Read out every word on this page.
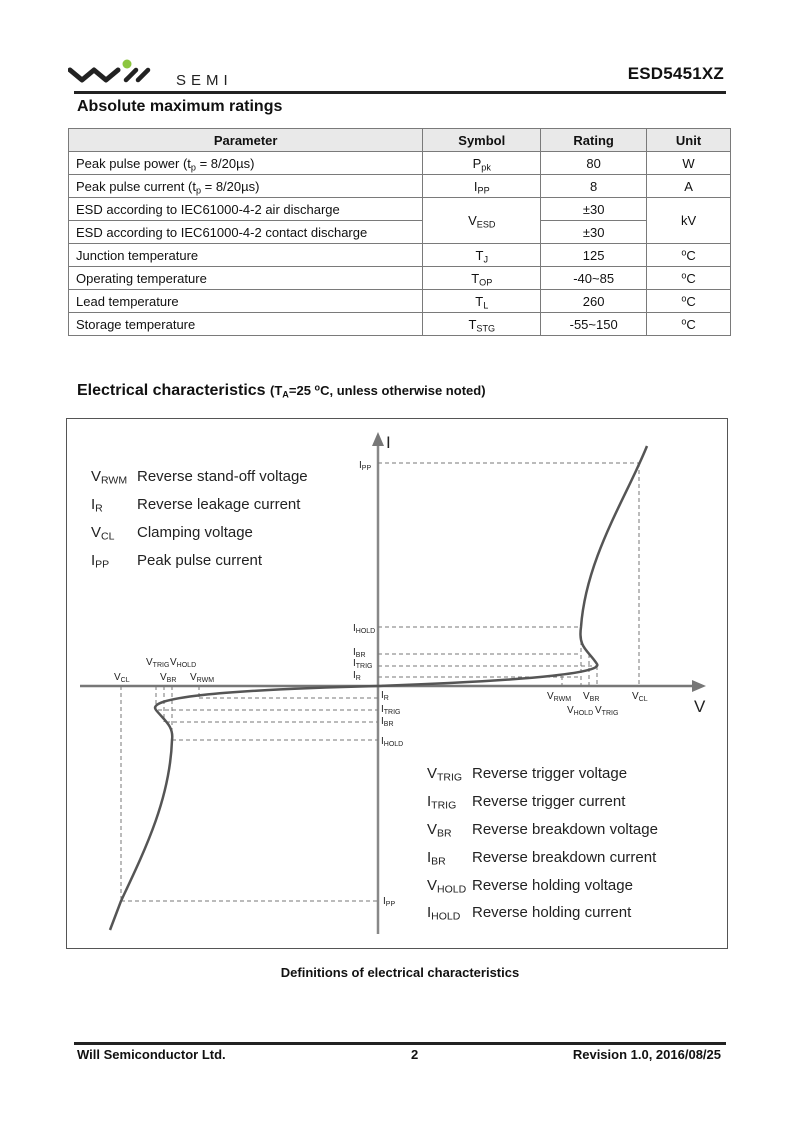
SEMI	ESD5451XZ
Absolute maximum ratings
Parameter	Symbol	Rating	Unit
Peak pulse power $(t_p = 8/20\mu s)$	$P_{pk}$	80	W
Peak pulse current $(t_p = 8/20\mu s)$	$I_{PP}$	8	A
ESD according to IEC61000-4-2 air discharge	$V_{ESD}$	±30	kV
ESD according to IEC61000-4-2 contact discharge		±30	
Junction temperature	$T_J$	125	$^o$C
Operating temperature	$T_{OP}$	-40~85	$^o$C
Lead temperature	$T_L$	260	$^o$C
Storage temperature	$T_{STG}$	-55~150	$^o$C
Electrical characteristics ($T_A=25$ $^o$C, unless otherwise noted)
I
V
$I_{PP}$
$I_{HOLD}$
$I_{BR}$
$I_{TRIG}$
$I_R$
$I_R$
$I_{TRIG}$
$I_{BR}$
$I_{HOLD}$
$I_{PP}$
$V_{RWM}$ $V_{BR}$	$V_{CL}$
$V_{HOLD}$ $V_{TRIG}$
$V_{CL}$	$V_{BR}$ $V_{RWM}$
$V_{TRIG}$ $V_{HOLD}$
$V_{RWM}$ Reverse stand-off voltage
$I_R$ Reverse leakage current
$V_{CL}$ Clamping voltage
$I_{PP}$ Peak pulse current
$V_{TRIG}$ Reverse trigger voltage
$I_{TRIG}$ Reverse trigger current
$V_{BR}$ Reverse breakdown voltage
$I_{BR}$ Reverse breakdown current
$V_{HOLD}$ Reverse holding voltage
$I_{HOLD}$ Reverse holding current
Definitions of electrical characteristics
Will Semiconductor Ltd.	2	Revision 1.0, 2016/08/25
